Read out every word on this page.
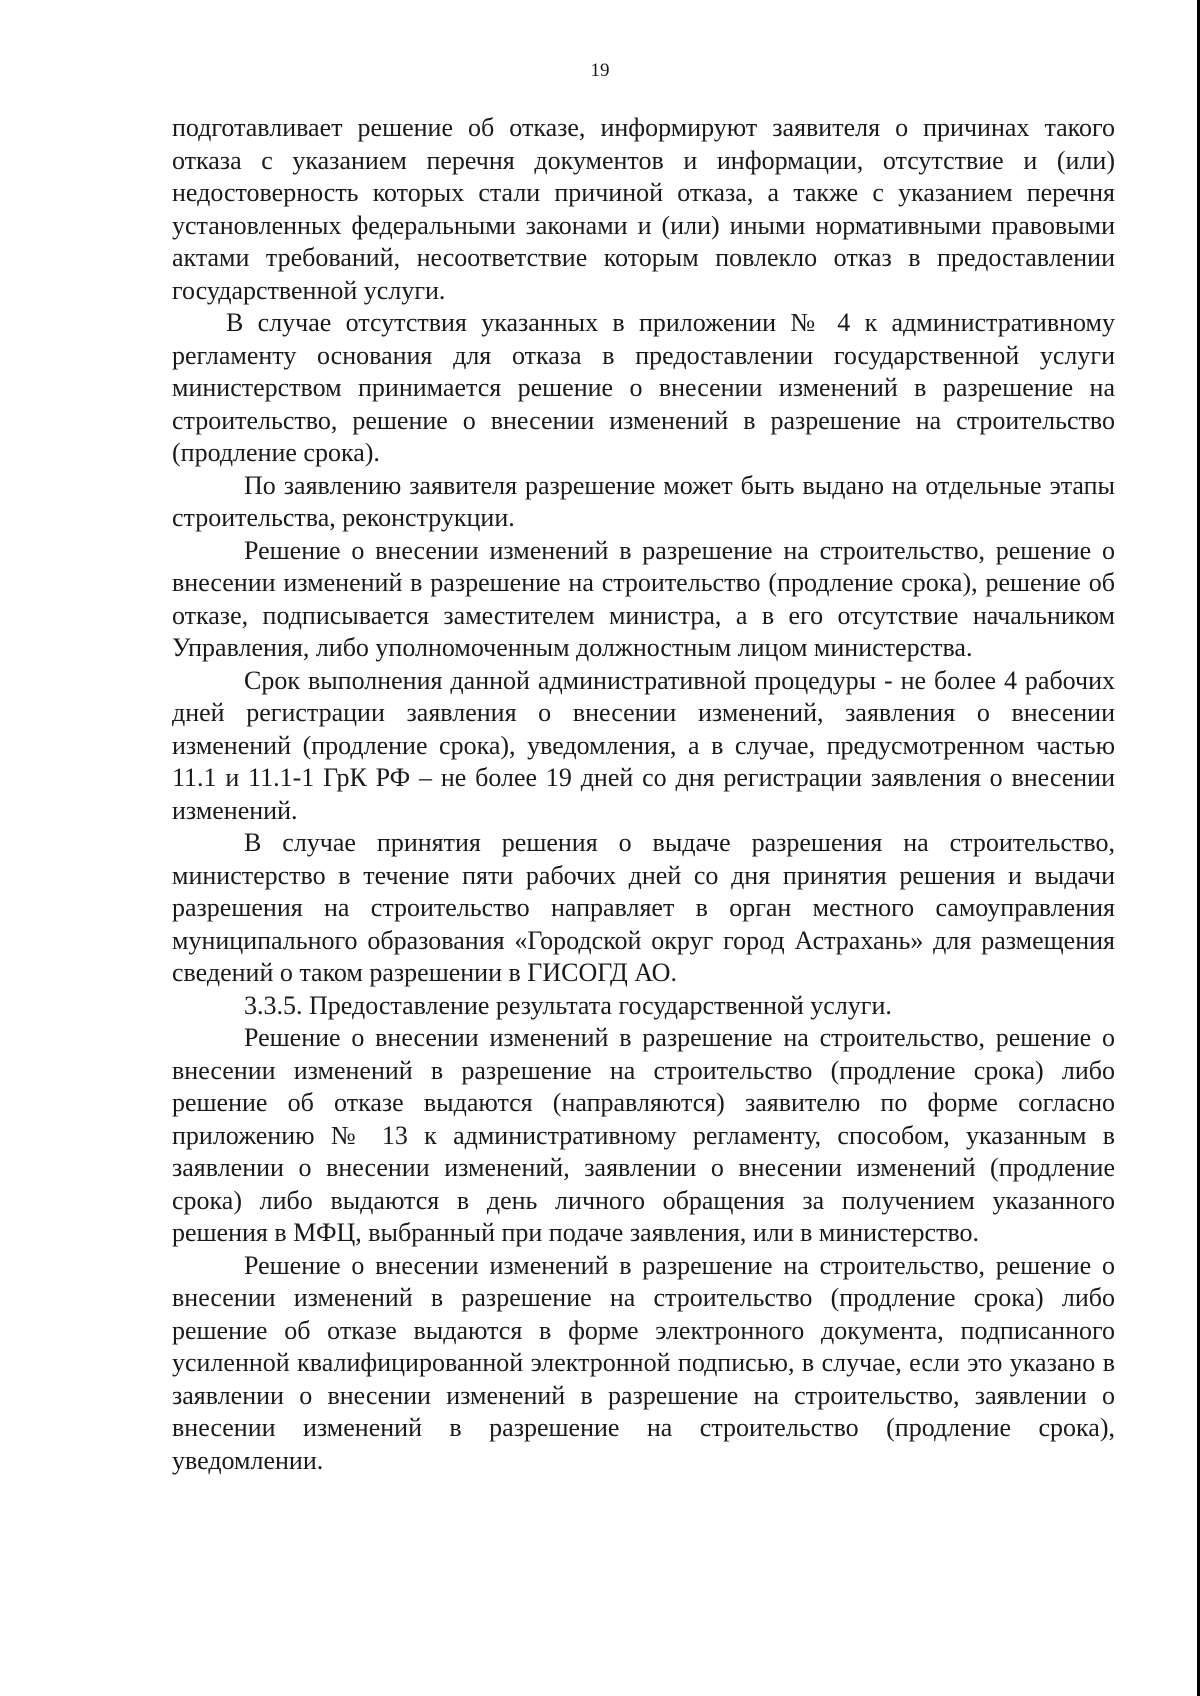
19

подготавливает решение об отказе, информируют заявителя о причинах такого отказа с указанием перечня документов и информации, отсутствие и (или) недостоверность которых стали причиной отказа, а также с указанием перечня установленных федеральными законами и (или) иными нормативными правовыми актами требований, несоответствие которым повлекло отказ в предоставлении государственной услуги.

В случае отсутствия указанных в приложении № 4 к административному регламенту основания для отказа в предоставлении государственной услуги министерством принимается решение о внесении изменений в разрешение на строительство, решение о внесении изменений в разрешение на строительство (продление срока).

По заявлению заявителя разрешение может быть выдано на отдельные этапы строительства, реконструкции.

Решение о внесении изменений в разрешение на строительство, решение о внесении изменений в разрешение на строительство (продление срока), решение об отказе, подписывается заместителем министра, а в его отсутствие начальником Управления, либо уполномоченным должностным лицом министерства.

Срок выполнения данной административной процедуры - не более 4 рабочих дней регистрации заявления о внесении изменений, заявления о внесении изменений (продление срока), уведомления, а в случае, предусмотренном частью 11.1 и 11.1-1 ГрК РФ – не более 19 дней со дня регистрации заявления о внесении изменений.

В случае принятия решения о выдаче разрешения на строительство, министерство в течение пяти рабочих дней со дня принятия решения и выдачи разрешения на строительство направляет в орган местного самоуправления муниципального образования «Городской округ город Астрахань» для размещения сведений о таком разрешении в ГИСОГД АО.

3.3.5. Предоставление результата государственной услуги.

Решение о внесении изменений в разрешение на строительство, решение о внесении изменений в разрешение на строительство (продление срока) либо решение об отказе выдаются (направляются) заявителю по форме согласно приложению № 13 к административному регламенту, способом, указанным в заявлении о внесении изменений, заявлении о внесении изменений (продление срока) либо выдаются в день личного обращения за получением указанного решения в МФЦ, выбранный при подаче заявления, или в министерство.

Решение о внесении изменений в разрешение на строительство, решение о внесении изменений в разрешение на строительство (продление срока) либо решение об отказе выдаются в форме электронного документа, подписанного усиленной квалифицированной электронной подписью, в случае, если это указано в заявлении о внесении изменений в разрешение на строительство, заявлении о внесении изменений в разрешение на строительство (продление срока), уведомлении.
